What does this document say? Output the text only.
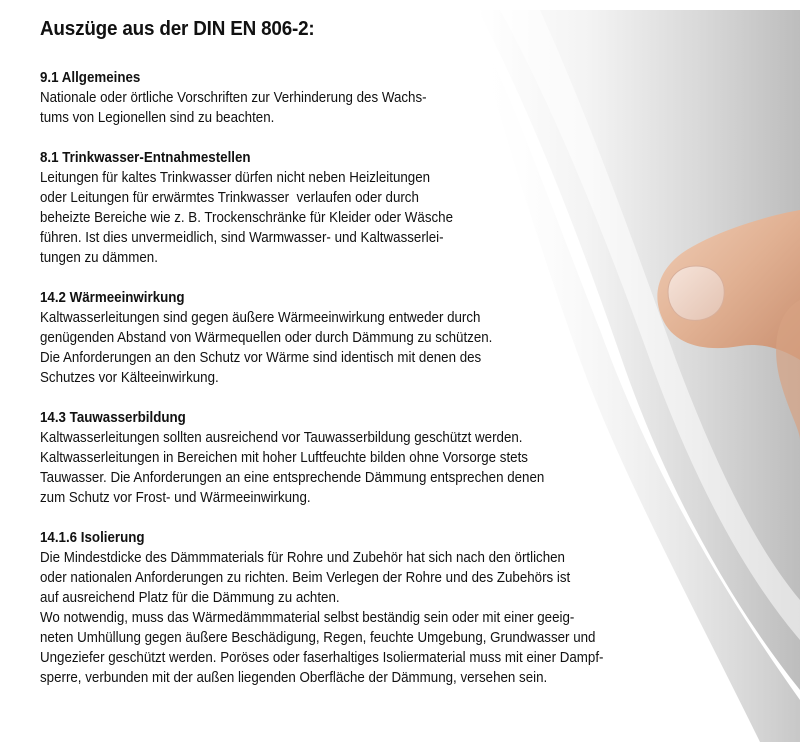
Auszüge aus der DIN EN 806-2:
9.1 Allgemeines
Nationale oder örtliche Vorschriften zur Verhinderung des Wachs-
tums von Legionellen sind zu beachten.
8.1 Trinkwasser-Entnahmestellen
Leitungen für kaltes Trinkwasser dürfen nicht neben Heizleitungen
oder Leitungen für erwärmtes Trinkwasser  verlaufen oder durch
beheizte Bereiche wie z. B. Trockenschränke für Kleider oder Wäsche
führen. Ist dies unvermeidlich, sind Warmwasser- und Kaltwasserlei-
tungen zu dämmen.
14.2 Wärmeeinwirkung
Kaltwasserleitungen sind gegen äußere Wärmeeinwirkung entweder durch
genügenden Abstand von Wärmequellen oder durch Dämmung zu schützen.
Die Anforderungen an den Schutz vor Wärme sind identisch mit denen des
Schutzes vor Kälteeinwirkung.
14.3 Tauwasserbildung
Kaltwasserleitungen sollten ausreichend vor Tauwasserbildung geschützt werden.
Kaltwasserleitungen in Bereichen mit hoher Luftfeuchte bilden ohne Vorsorge stets
Tauwasser. Die Anforderungen an eine entsprechende Dämmung entsprechen denen
zum Schutz vor Frost- und Wärmeeinwirkung.
14.1.6 Isolierung
Die Mindestdicke des Dämmmaterials für Rohre und Zubehör hat sich nach den örtlichen
oder nationalen Anforderungen zu richten. Beim Verlegen der Rohre und des Zubehörs ist
auf ausreichend Platz für die Dämmung zu achten.
Wo notwendig, muss das Wärmedämmmaterial selbst beständig sein oder mit einer geeig-
neten Umhüllung gegen äußere Beschädigung, Regen, feuchte Umgebung, Grundwasser und
Ungeziefer geschützt werden. Poröses oder faserhaltiges Isoliermaterial muss mit einer Dampf-
sperre, verbunden mit der außen liegenden Oberfläche der Dämmung, versehen sein.
